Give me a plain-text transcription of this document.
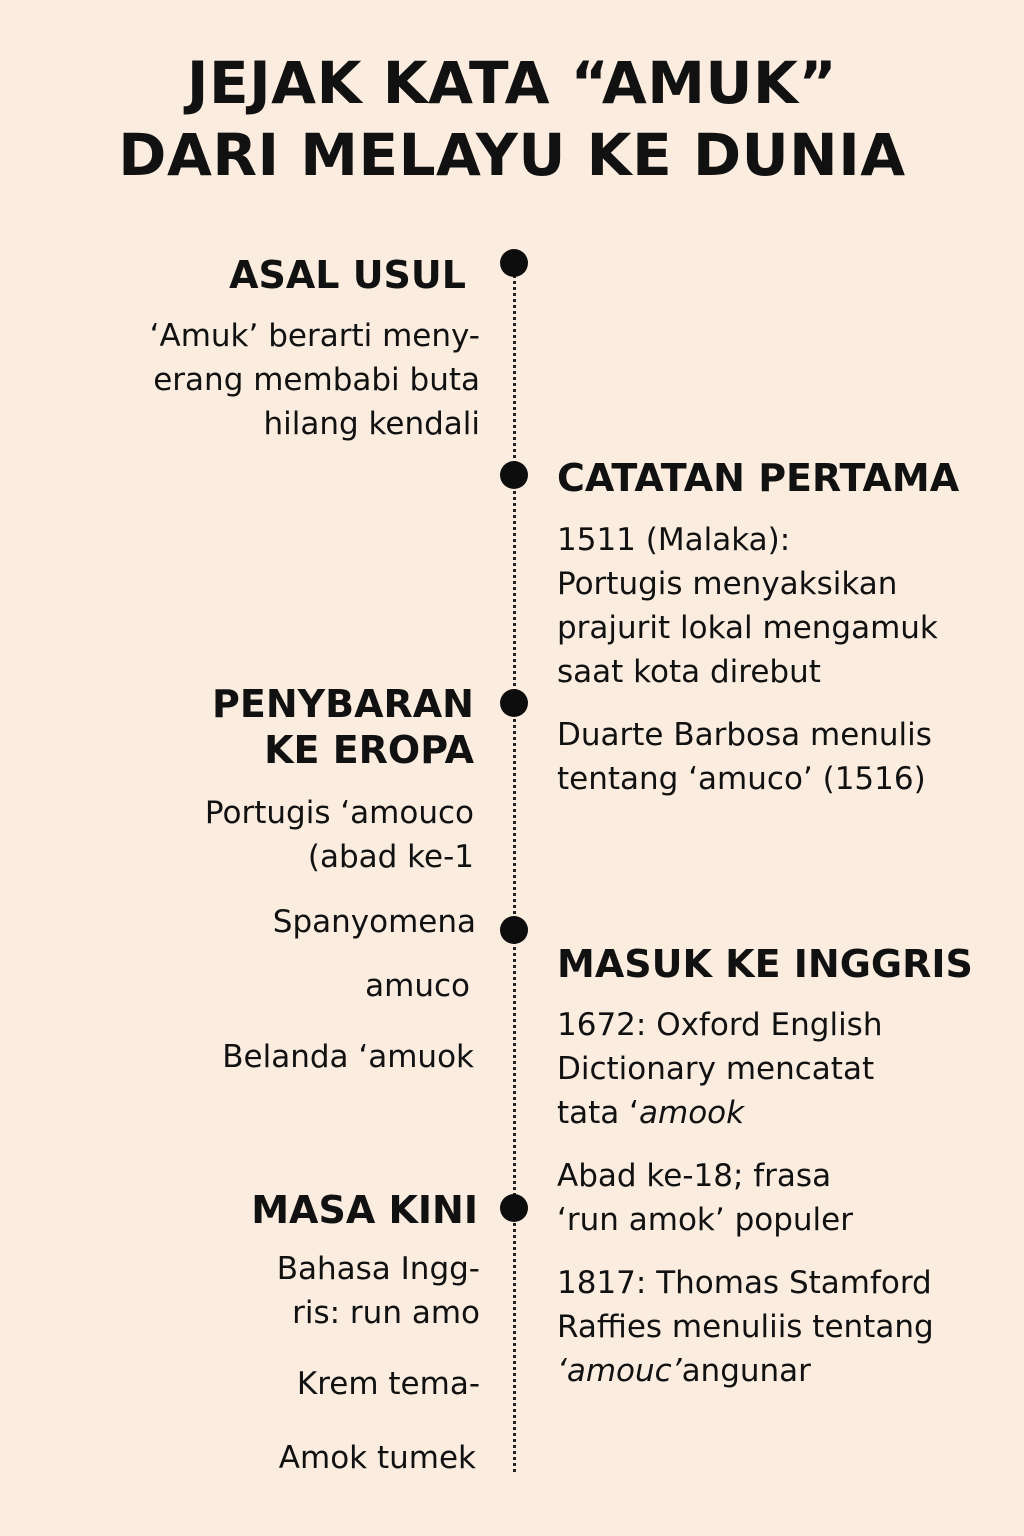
JEJAK KATA “AMUK”
DARI MELAYU KE DUNIA
ASAL USUL
‘Amuk’ berarti meny-
erang membabi buta
hilang kendali
CATATAN PERTAMA
1511 (Malaka):
Portugis menyaksikan
prajurit lokal mengamuk
saat kota direbut
Duarte Barbosa menulis
tentang ‘amuco’ (1516)
PENYBARAN
KE EROPA
Portugis ‘amouco
(abad ke-1
Spanyomena
amuco
Belanda ‘amuok
MASUK KE INGGRIS
1672: Oxford English
Dictionary mencatat
tata ‘amook
Abad ke-18; frasa
‘run amok’ populer
1817: Thomas Stamford
Raffies menuliis tentang
‘amouc’angunar
MASA KINI
Bahasa Ingg-
ris: run amo
Krem tema-
Amok tumek
